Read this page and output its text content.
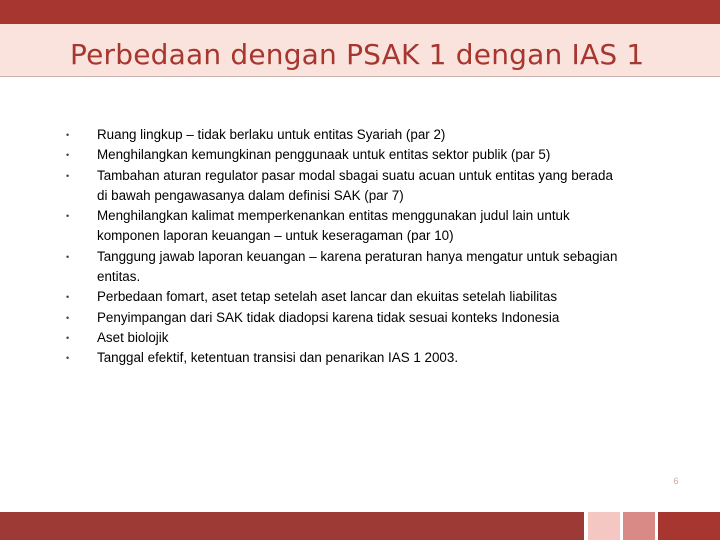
Perbedaan dengan PSAK 1 dengan IAS 1
• Ruang lingkup – tidak berlaku untuk entitas Syariah (par 2)
• Menghilangkan kemungkinan penggunaak untuk entitas sektor publik (par 5)
• Tambahan aturan regulator pasar modal sbagai suatu acuan untuk entitas yang berada di bawah pengawasanya dalam definisi SAK (par 7)
• Menghilangkan kalimat memperkenankan entitas menggunakan judul lain untuk komponen laporan keuangan – untuk keseragaman (par 10)
• Tanggung jawab laporan keuangan – karena peraturan hanya mengatur untuk sebagian entitas.
• Perbedaan fomart, aset tetap setelah aset lancar dan ekuitas setelah liabilitas
• Penyimpangan dari SAK tidak diadopsi karena tidak sesuai konteks Indonesia
• Aset biolojik
• Tanggal efektif, ketentuan transisi dan penarikan IAS 1 2003.
6
